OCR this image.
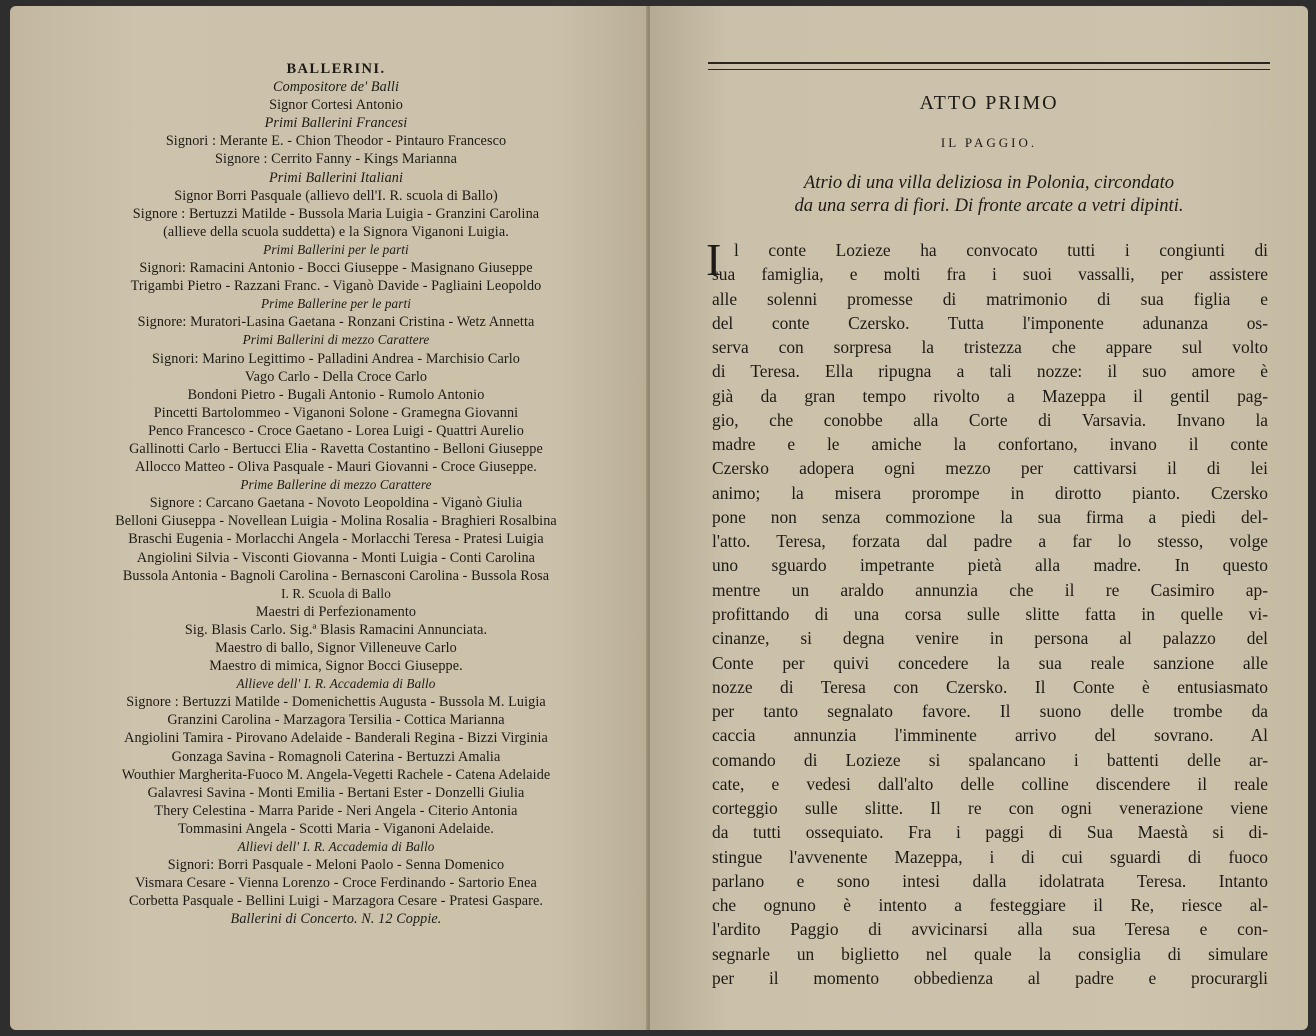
BALLERINI.
Compositore de' Balli
Signor Cortesi Antonio
Primi Ballerini Francesi
Signori : Merante E. - Chion Theodor - Pintauro Francesco
Signore : Cerrito Fanny - Kings Marianna
Primi Ballerini Italiani
Signor Borri Pasquale (allievo dell'I. R. scuola di Ballo)
Signore : Bertuzzi Matilde - Bussola Maria Luigia - Granzini Carolina
(allieve della scuola suddetta) e la Signora Viganoni Luigia.
Primi Ballerini per le parti
Signori: Ramacini Antonio - Bocci Giuseppe - Masignano Giuseppe
Trigambi Pietro - Razzani Franc. - Viganò Davide - Pagliaini Leopoldo
Prime Ballerine per le parti
Signore: Muratori-Lasina Gaetana - Ronzani Cristina - Wetz Annetta
Primi Ballerini di mezzo Carattere
Signori: Marino Legittimo - Palladini Andrea - Marchisio Carlo
Vago Carlo - Della Croce Carlo
Bondoni Pietro - Bugali Antonio - Rumolo Antonio
Pincetti Bartolommeo - Viganoni Solone - Gramegna Giovanni
Penco Francesco - Croce Gaetano - Lorea Luigi - Quattri Aurelio
Gallinotti Carlo - Bertucci Elia - Ravetta Costantino - Belloni Giuseppe
Allocco Matteo - Oliva Pasquale - Mauri Giovanni - Croce Giuseppe.
Prime Ballerine di mezzo Carattere
Signore : Carcano Gaetana - Novoto Leopoldina - Viganò Giulia
Belloni Giuseppa - Novellean Luigia - Molina Rosalia - Braghieri Rosalbina
Braschi Eugenia - Morlacchi Angela - Morlacchi Teresa - Pratesi Luigia
Angiolini Silvia - Visconti Giovanna - Monti Luigia - Conti Carolina
Bussola Antonia - Bagnoli Carolina - Bernasconi Carolina - Bussola Rosa
I. R. Scuola di Ballo
Maestri di Perfezionamento
Sig. Blasis Carlo. Sig.ª Blasis Ramacini Annunciata.
Maestro di ballo, Signor Villeneuve Carlo
Maestro di mimica, Signor Bocci Giuseppe.
Allieve dell' I. R. Accademia di Ballo
Signore : Bertuzzi Matilde - Domenichettis Augusta - Bussola M. Luigia
Granzini Carolina - Marzagora Tersilia - Cottica Marianna
Angiolini Tamira - Pirovano Adelaide - Banderali Regina - Bizzi Virginia
Gonzaga Savina - Romagnoli Caterina - Bertuzzi Amalia
Wouthier Margherita-Fuoco M. Angela-Vegetti Rachele - Catena Adelaide
Galavresi Savina - Monti Emilia - Bertani Ester - Donzelli Giulia
Thery Celestina - Marra Paride - Neri Angela - Citerio Antonia
Tommasini Angela - Scotti Maria - Viganoni Adelaide.
Allievi dell' I. R. Accademia di Ballo
Signori: Borri Pasquale - Meloni Paolo - Senna Domenico
Vismara Cesare - Vienna Lorenzo - Croce Ferdinando - Sartorio Enea
Corbetta Pasquale - Bellini Luigi - Marzagora Cesare - Pratesi Gaspare.
Ballerini di Concerto. N. 12 Coppie.
ATTO PRIMO
IL PAGGIO.
Atrio di una villa deliziosa in Polonia, circondato
da una serra di fiori. Di fronte arcate a vetri dipinti.
I l conte Lozieze ha convocato tutti i congiunti di
sua famiglia, e molti fra i suoi vassalli, per assistere
alle solenni promesse di matrimonio di sua figlia e
del conte Czersko. Tutta l'imponente adunanza os-
serva con sorpresa la tristezza che appare sul volto
di Teresa. Ella ripugna a tali nozze: il suo amore è
già da gran tempo rivolto a Mazeppa il gentil pag-
gio, che conobbe alla Corte di Varsavia. Invano la
madre e le amiche la confortano, invano il conte
Czersko adopera ogni mezzo per cattivarsi il di lei
animo; la misera prorompe in dirotto pianto. Czersko
pone non senza commozione la sua firma a piedi del-
l'atto. Teresa, forzata dal padre a far lo stesso, volge
uno sguardo impetrante pietà alla madre. In questo
mentre un araldo annunzia che il re Casimiro ap-
profittando di una corsa sulle slitte fatta in quelle vi-
cinanze, si degna venire in persona al palazzo del
Conte per quivi concedere la sua reale sanzione alle
nozze di Teresa con Czersko. Il Conte è entusiasmato
per tanto segnalato favore. Il suono delle trombe da
caccia annunzia l'imminente arrivo del sovrano. Al
comando di Lozieze si spalancano i battenti delle ar-
cate, e vedesi dall'alto delle colline discendere il reale
corteggio sulle slitte. Il re con ogni venerazione viene
da tutti ossequiato. Fra i paggi di Sua Maestà si di-
stingue l'avvenente Mazeppa, i di cui sguardi di fuoco
parlano e sono intesi dalla idolatrata Teresa. Intanto
che ognuno è intento a festeggiare il Re, riesce al-
l'ardito Paggio di avvicinarsi alla sua Teresa e con-
segnarle un biglietto nel quale la consiglia di simulare
per il momento obbedienza al padre e procurargli
